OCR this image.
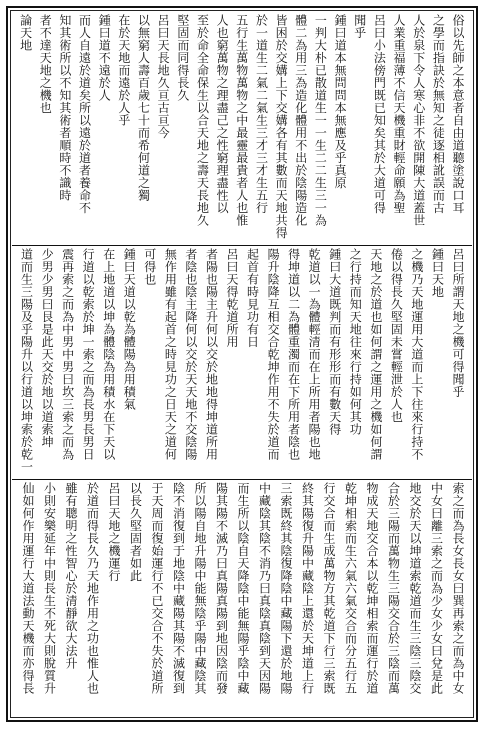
俗以先師之本意者自由道聽塗說口耳
之學而指訣於無知之徒逐相訛誤而古
人於泉下令人寒心非不欲開陳大道蓋世
人業重福薄不信天機重財輕命願為聖
呂曰小法傍門既已知矣其於大道可得
聞乎
鍾曰道本無問問本無應及乎真原
一判大朴已散道生一一生二二生三一為
體二為用三為造化體用不出於陰陽造化
皆困於交媾上下交媾各有其數而天地共得
於一道生二氣二氣生三才三才生五行
五行生萬物萬物之中最靈最貴者人也惟
人也窮萬物之理盡己之性窮理盡性以
至於命全命保生以合天地之壽天長地久
堅固而同得長久
呂曰天長地久亘古亘今
以無窮人壽百歲七十而希何道之獨
在於天地而遠於人乎
鍾曰道不遠於人
而人自遠於道矣所以遠於道者養命不
知其術所以不知其術者順時不識時
者不達天地之機也
論天地
呂曰所謂天地之機可得聞乎
鍾曰天地
之機乃天地運用大道而上下往來行持不
倦以得長久堅固未嘗輕泄於人也
天地之於道也如何謂之運用之機如何謂
之行持而知天地往來行持如何其功
鍾曰大道既判而有形形而有數天得
乾道以一為體輕清而在上所用者陽也地
得坤道以二為體重濁而在下所用者陰也
陽升陰降互相交合乾坤作用不失於道而
起首有時見功有日
呂曰天得乾道所用
者陽也陽主升何以交於地地得坤道所用
者陰也陰主降何以交於天天地不交陰陽
無作用雖有起首之時見功之日天之道何
可得也
鍾曰天道以乾為體陽為用積氣
在上地道以坤為體陰為用積水在下天以
行道以乾索於坤一索之而為長男長男日
震再索之而為中男中男曰坎三索之而為
少男少男曰艮是此天交於地以道索坤
道而生三陽及乎陽升以行道以坤索於乾一
索之而為長女長女曰巽再索之而為中女
中女曰離三索之而為少女少女曰兌是此
地交於天以坤道索乾道而生三陰三陰交
合於三陽而萬物生三陽交合於三陰而萬
物成天地交合本以乾坤相索而運行於道
乾坤相索而生六氣六氣交合而分五行五
行交合而生成萬物方其乾道下行三索既
終其陽復升陽中藏陰上還於天坤道上行
三索既終其陰復降陰中藏陽下還於地陽
中藏陰其陰不消乃曰真陰真陰到天因陽
而生所以陰自天降陰中能無陽乎陰中藏
陽其陽不滅乃曰真陽真陽到地因陰而發
所以陽自地升陽中能無陰乎陽中藏陰其
陰不消復到于地陰中藏陽其陽不滅復到
于天周而復始運行不已交合不失於道所
以長久堅固者如此
呂曰天地之機運行
於道而得長久乃天地作用之功也惟人也
雖有聰明之性智心於清靜欲大法升
小則安樂延年中則長生不死大則脫質升
仙如何作用運行大道法動天機而亦得長
